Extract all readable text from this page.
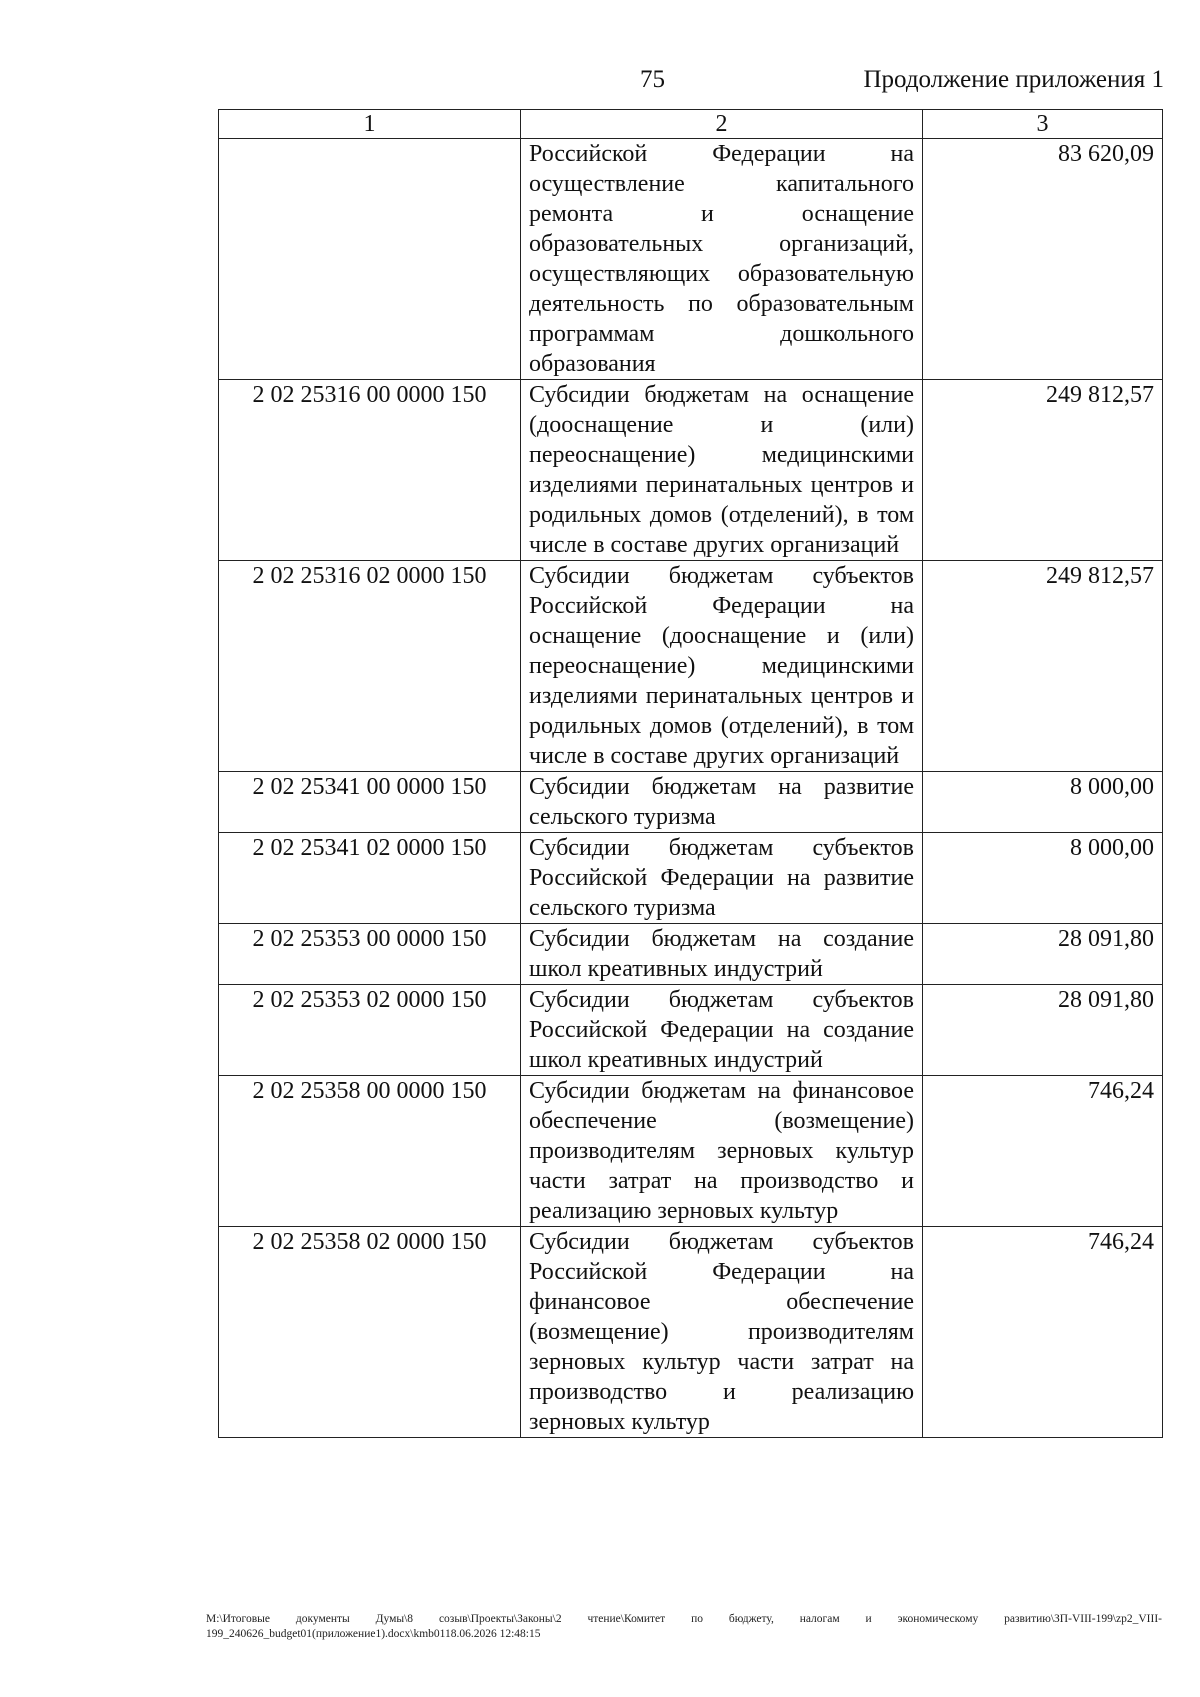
75	Продолжение приложения 1
1	2	3
	Российской Федерации на осуществление капитального ремонта и оснащение образовательных организаций, осуществляющих образовательную деятельность по образовательным программам дошкольного образования	83 620,09
2 02 25316 00 0000 150	Субсидии бюджетам на оснащение (дооснащение и (или) переоснащение) медицинскими изделиями перинатальных центров и родильных домов (отделений), в том числе в составе других организаций	249 812,57
2 02 25316 02 0000 150	Субсидии бюджетам субъектов Российской Федерации на оснащение (дооснащение и (или) переоснащение) медицинскими изделиями перинатальных центров и родильных домов (отделений), в том числе в составе других организаций	249 812,57
2 02 25341 00 0000 150	Субсидии бюджетам на развитие сельского туризма	8 000,00
2 02 25341 02 0000 150	Субсидии бюджетам субъектов Российской Федерации на развитие сельского туризма	8 000,00
2 02 25353 00 0000 150	Субсидии бюджетам на создание школ креативных индустрий	28 091,80
2 02 25353 02 0000 150	Субсидии бюджетам субъектов Российской Федерации на создание школ креативных индустрий	28 091,80
2 02 25358 00 0000 150	Субсидии бюджетам на финансовое обеспечение (возмещение) производителям зерновых культур части затрат на производство и реализацию зерновых культур	746,24
2 02 25358 02 0000 150	Субсидии бюджетам субъектов Российской Федерации на финансовое обеспечение (возмещение) производителям зерновых культур части затрат на производство и реализацию зерновых культур	746,24
M:\Итоговые документы Думы\8 созыв\Проекты\Законы\2 чтение\Комитет по бюджету, налогам и экономическому развитию\ЗП-VIII-199\zp2_VIII-199_240626_budget01(приложение1).docx\kmb0118.06.2026 12:48:15
